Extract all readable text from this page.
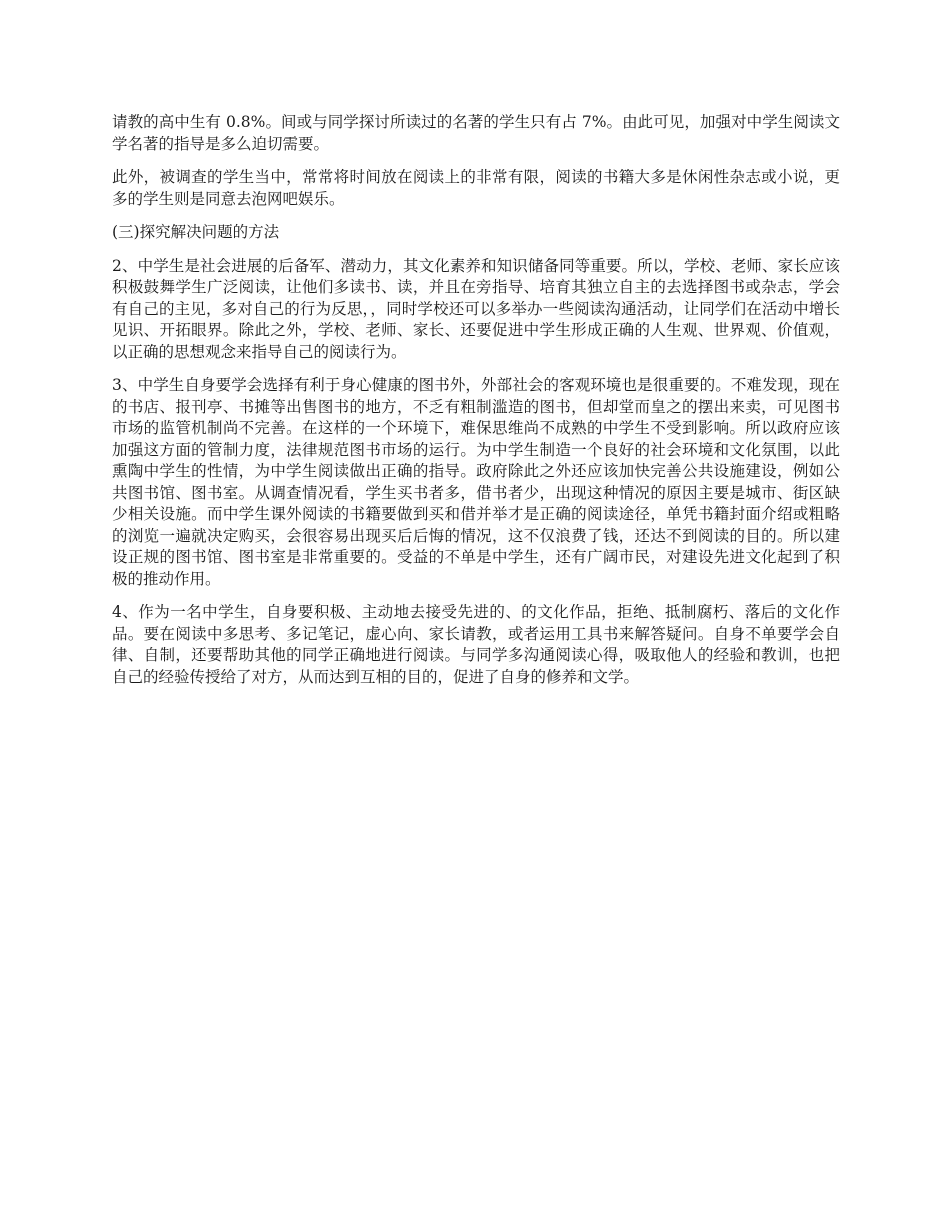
请教的高中生有 0.8%。间或与同学探讨所读过的名著的学生只有占 7%。由此可见，加强对中学生阅读文学名著的指导是多么迫切需要。

此外，被调查的学生当中，常常将时间放在阅读上的非常有限，阅读的书籍大多是休闲性杂志或小说，更多的学生则是同意去泡网吧娱乐。

(三)探究解决问题的方法

2、中学生是社会进展的后备军、潜动力，其文化素养和知识储备同等重要。所以，学校、老师、家长应该积极鼓舞学生广泛阅读，让他们多读书、读，并且在旁指导、培育其独立自主的去选择图书或杂志，学会有自己的主见，多对自己的行为反思，，同时学校还可以多举办一些阅读沟通活动，让同学们在活动中增长见识、开拓眼界。除此之外，学校、老师、家长、还要促进中学生形成正确的人生观、世界观、价值观，以正确的思想观念来指导自己的阅读行为。

3、中学生自身要学会选择有利于身心健康的图书外，外部社会的客观环境也是很重要的。不难发现，现在的书店、报刊亭、书摊等出售图书的地方，不乏有粗制滥造的图书，但却堂而皇之的摆出来卖，可见图书市场的监管机制尚不完善。在这样的一个环境下，难保思维尚不成熟的中学生不受到影响。所以政府应该加强这方面的管制力度，法律规范图书市场的运行。为中学生制造一个良好的社会环境和文化氛围，以此熏陶中学生的性情，为中学生阅读做出正确的指导。政府除此之外还应该加快完善公共设施建设，例如公共图书馆、图书室。从调查情况看，学生买书者多，借书者少，出现这种情况的原因主要是城市、街区缺少相关设施。而中学生课外阅读的书籍要做到买和借并举才是正确的阅读途径，单凭书籍封面介绍或粗略的浏览一遍就决定购买，会很容易出现买后后悔的情况，这不仅浪费了钱，还达不到阅读的目的。所以建设正规的图书馆、图书室是非常重要的。受益的不单是中学生，还有广阔市民，对建设先进文化起到了积极的推动作用。

4、作为一名中学生，自身要积极、主动地去接受先进的、的文化作品，拒绝、抵制腐朽、落后的文化作品。要在阅读中多思考、多记笔记，虚心向、家长请教，或者运用工具书来解答疑问。自身不单要学会自律、自制，还要帮助其他的同学正确地进行阅读。与同学多沟通阅读心得，吸取他人的经验和教训，也把自己的经验传授给了对方，从而达到互相的目的，促进了自身的修养和文学。
